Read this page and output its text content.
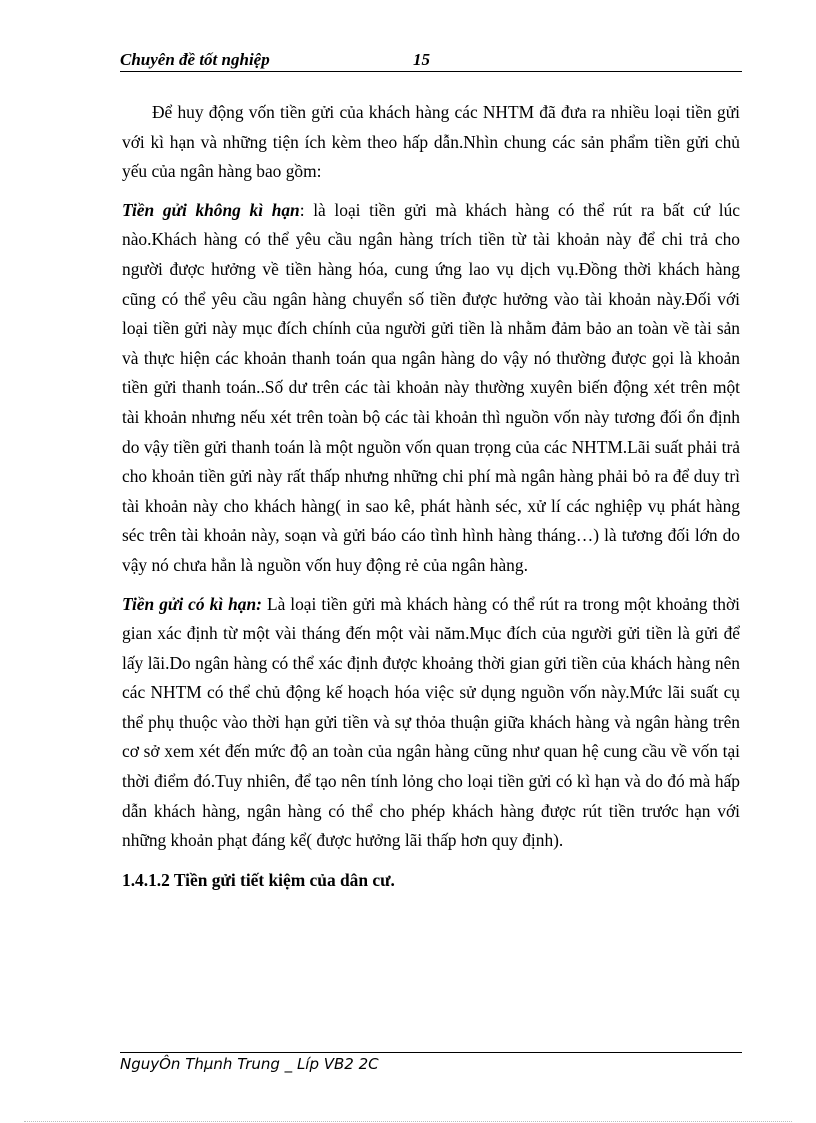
Chuyên đề tốt nghiệp	15

Để huy động vốn tiền gửi của khách hàng các NHTM đã đưa ra nhiều loại tiền gửi với kì hạn và những tiện ích kèm theo hấp dẫn.Nhìn chung các sản phẩm tiền gửi chủ yếu của ngân hàng bao gồm:

Tiền gửi không kì hạn: là loại tiền gửi mà khách hàng có thể rút ra bất cứ lúc nào.Khách hàng có thể yêu cầu ngân hàng trích tiền từ tài khoản này để chi trả cho người được hưởng về tiền hàng hóa, cung ứng lao vụ dịch vụ.Đồng thời khách hàng cũng có thể yêu cầu ngân hàng chuyển số tiền được hưởng vào tài khoản này.Đối với loại tiền gửi này mục đích chính của người gửi tiền là nhằm đảm bảo an toàn về tài sản và thực hiện các khoản thanh toán qua ngân hàng do vậy nó thường được gọi là khoản tiền gửi thanh toán..Số dư trên các tài khoản này thường xuyên biến động xét trên một tài khoản nhưng nếu xét trên toàn bộ các tài khoản thì nguồn vốn này tương đối ổn định do vậy tiền gửi thanh toán là một nguồn vốn quan trọng của các NHTM.Lãi suất phải trả cho khoản tiền gửi này rất thấp nhưng những chi phí mà ngân hàng phải bỏ ra để duy trì tài khoản này cho khách hàng( in sao kê, phát hành séc, xử lí các nghiệp vụ phát hàng séc trên tài khoản này, soạn và gửi báo cáo tình hình hàng tháng…) là tương đối lớn do vậy nó chưa hẳn là nguồn vốn huy động rẻ của ngân hàng.

Tiền gửi có kì hạn: Là loại tiền gửi mà khách hàng có thể rút ra trong một khoảng thời gian xác định từ một vài tháng đến một vài năm.Mục đích của người gửi tiền là gửi để lấy lãi.Do ngân hàng có thể xác định được khoảng thời gian gửi tiền của khách hàng nên các NHTM có thể chủ động kế hoạch hóa việc sử dụng nguồn vốn này.Mức lãi suất cụ thể phụ thuộc vào thời hạn gửi tiền và sự thỏa thuận giữa khách hàng và ngân hàng trên cơ sở xem xét đến mức độ an toàn của ngân hàng cũng như quan hệ cung cầu về vốn tại thời điểm đó.Tuy nhiên, để tạo nên tính lỏng cho loại tiền gửi có kì hạn và do đó mà hấp dẫn khách hàng, ngân hàng có thể cho phép khách hàng được rút tiền trước hạn với những khoản phạt đáng kể( được hưởng lãi thấp hơn quy định).

1.4.1.2 Tiền gửi tiết kiệm của dân cư.
NguyÔn Thµnh Trung _ Líp VB2 2C
